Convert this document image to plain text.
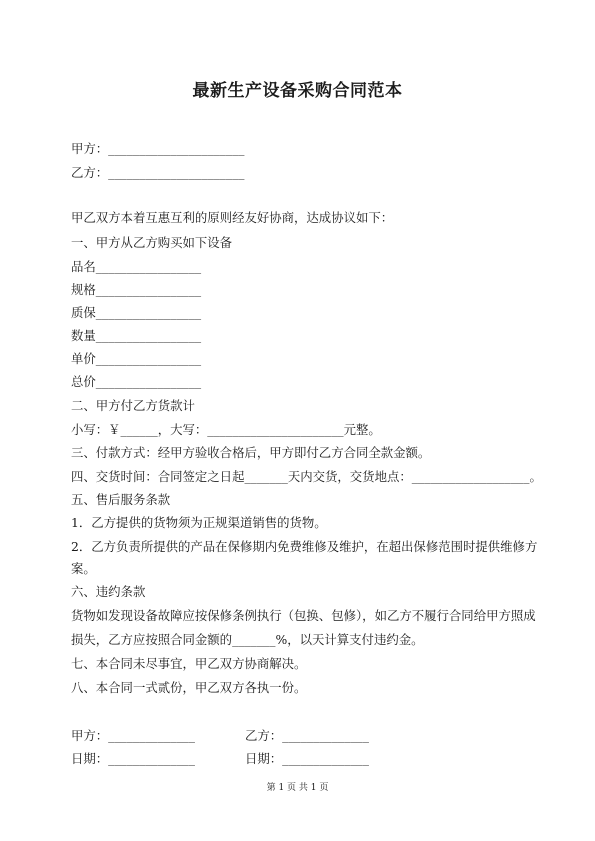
最新生产设备采购合同范本
甲方：______________________
乙方：______________________
甲乙双方本着互惠互利的原则经友好协商，达成协议如下：
一、甲方从乙方购买如下设备
品名_________________
规格_________________
质保_________________
数量_________________
单价_________________
总价_________________
二、甲方付乙方货款计
小写：￥______，大写：______________________元整。
三、付款方式：经甲方验收合格后，甲方即付乙方合同全款金额。
四、交货时间：合同签定之日起_______天内交货，交货地点：___________________。
五、售后服务条款
1．乙方提供的货物须为正规渠道销售的货物。
2．乙方负责所提供的产品在保修期内免费维修及维护，在超出保修范围时提供维修方
案。
六、违约条款
货物如发现设备故障应按保修条例执行（包换、包修），如乙方不履行合同给甲方照成
损失，乙方应按照合同金额的_______%，以天计算支付违约金。
七、本合同未尽事宜，甲乙双方协商解决。
八、本合同一式贰份，甲乙双方各执一份。
甲方：______________	乙方：______________
日期：______________	日期：______________
第 1 页 共 1 页
